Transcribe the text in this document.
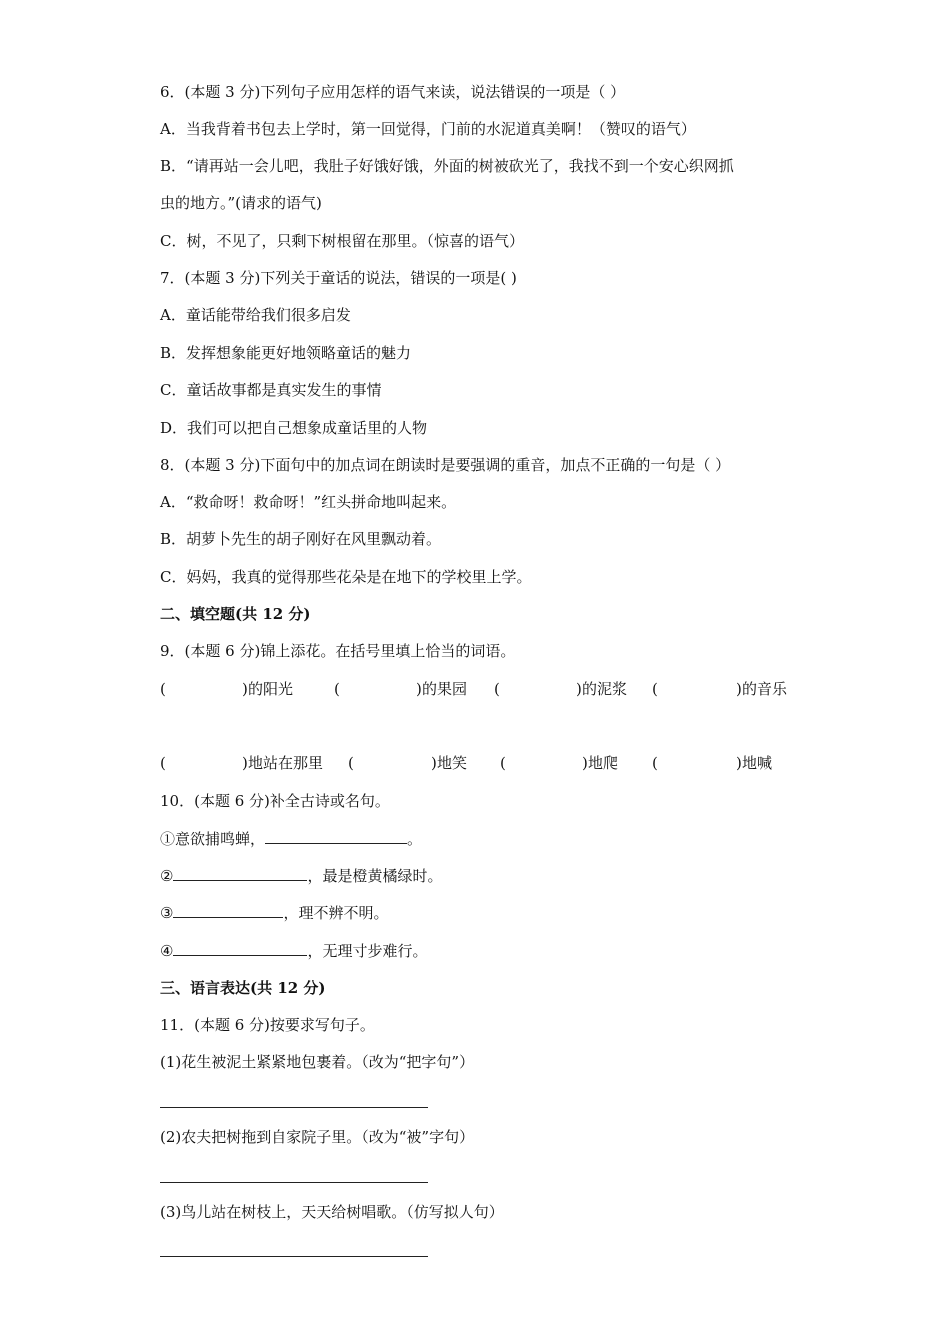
6．(本题 3 分)下列句子应用怎样的语气来读，说法错误的一项是（ ）
A．当我背着书包去上学时，第一回觉得，门前的水泥道真美啊！（赞叹的语气）
B．“请再站一会儿吧，我肚子好饿好饿，外面的树被砍光了，我找不到一个安心织网抓
虫的地方。”(请求的语气)
C．树，不见了，只剩下树根留在那里。（惊喜的语气）
7．(本题 3 分)下列关于童话的说法，错误的一项是( )
A．童话能带给我们很多启发
B．发挥想象能更好地领略童话的魅力
C．童话故事都是真实发生的事情
D．我们可以把自己想象成童话里的人物
8．(本题 3 分)下面句中的加点词在朗读时是要强调的重音，加点不正确的一句是（ ）
A．“救命呀！救命呀！”红头拼命地叫起来。
B．胡萝卜先生的胡子刚好在风里飘动着。
C．妈妈，我真的觉得那些花朵是在地下的学校里上学。
二、填空题(共 12 分)
9．(本题 6 分)锦上添花。在括号里填上恰当的词语。
(	) 的阳光	(	) 的果园 (	) 的泥浆 (	) 的音乐
(	) 地站在那里 (	) 地笑 (	) 地爬 (	) 地喊
10．(本题 6 分)补全古诗或名句。
①意欲捕鸣蝉，	。
②	，最是橙黄橘绿时。
③	，理不辨不明。
④	，无理寸步难行。
三、语言表达(共 12 分)
11．(本题 6 分)按要求写句子。
(1)花生被泥土紧紧地包裹着。（改为“把字句”）
(2)农夫把树拖到自家院子里。（改为“被”字句）
(3)鸟儿站在树枝上，天天给树唱歌。（仿写拟人句）
